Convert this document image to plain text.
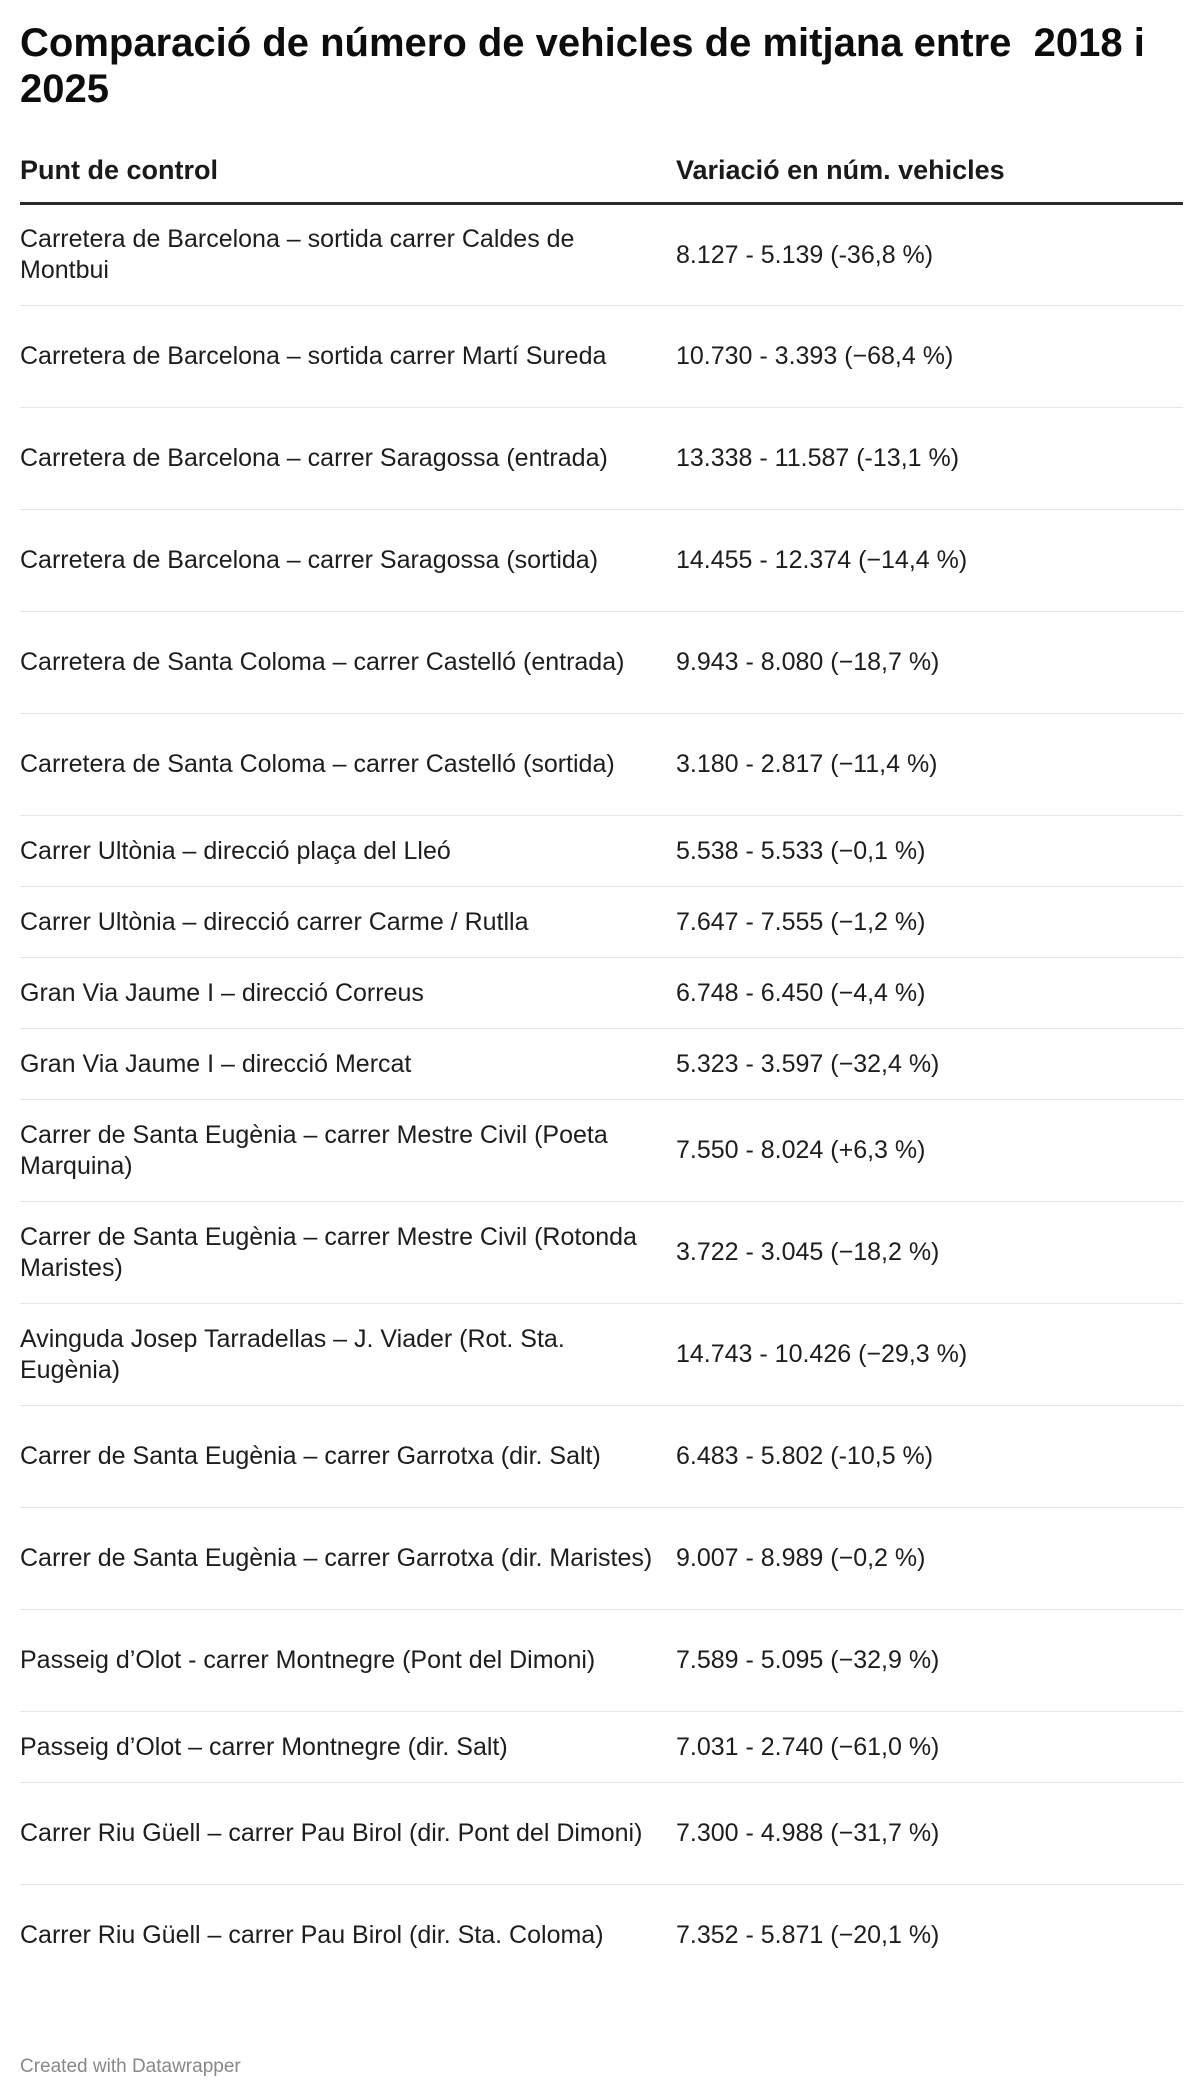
Comparació de número de vehicles de mitjana entre  2018 i 2025
Punt de control	Variació en núm. vehicles
Carretera de Barcelona – sortida carrer Caldes de Montbui	8.127 - 5.139 (-36,8 %)
Carretera de Barcelona – sortida carrer Martí Sureda	10.730 - 3.393 (−68,4 %)
Carretera de Barcelona – carrer Saragossa (entrada)	13.338 - 11.587 (-13,1 %)
Carretera de Barcelona – carrer Saragossa (sortida)	14.455 - 12.374 (−14,4 %)
Carretera de Santa Coloma – carrer Castelló (entrada)	9.943 - 8.080 (−18,7 %)
Carretera de Santa Coloma – carrer Castelló (sortida)	3.180 - 2.817 (−11,4 %)
Carrer Ultònia – direcció plaça del Lleó	5.538 - 5.533 (−0,1 %)
Carrer Ultònia – direcció carrer Carme / Rutlla	7.647 - 7.555 (−1,2 %)
Gran Via Jaume I – direcció Correus	6.748 - 6.450 (−4,4 %)
Gran Via Jaume I – direcció Mercat	5.323 - 3.597 (−32,4 %)
Carrer de Santa Eugènia – carrer Mestre Civil (Poeta Marquina)	7.550 - 8.024 (+6,3 %)
Carrer de Santa Eugènia – carrer Mestre Civil (Rotonda Maristes)	3.722 - 3.045 (−18,2 %)
Avinguda Josep Tarradellas – J. Viader (Rot. Sta. Eugènia)	14.743 - 10.426 (−29,3 %)
Carrer de Santa Eugènia – carrer Garrotxa (dir. Salt)	6.483 - 5.802 (-10,5 %)
Carrer de Santa Eugènia – carrer Garrotxa (dir. Maristes)	9.007 - 8.989 (−0,2 %)
Passeig d’Olot - carrer Montnegre (Pont del Dimoni)	7.589 - 5.095 (−32,9 %)
Passeig d’Olot – carrer Montnegre (dir. Salt)	7.031 - 2.740 (−61,0 %)
Carrer Riu Güell – carrer Pau Birol (dir. Pont del Dimoni)	7.300 - 4.988 (−31,7 %)
Carrer Riu Güell – carrer Pau Birol (dir. Sta. Coloma)	7.352 - 5.871 (−20,1 %)
Created with Datawrapper
